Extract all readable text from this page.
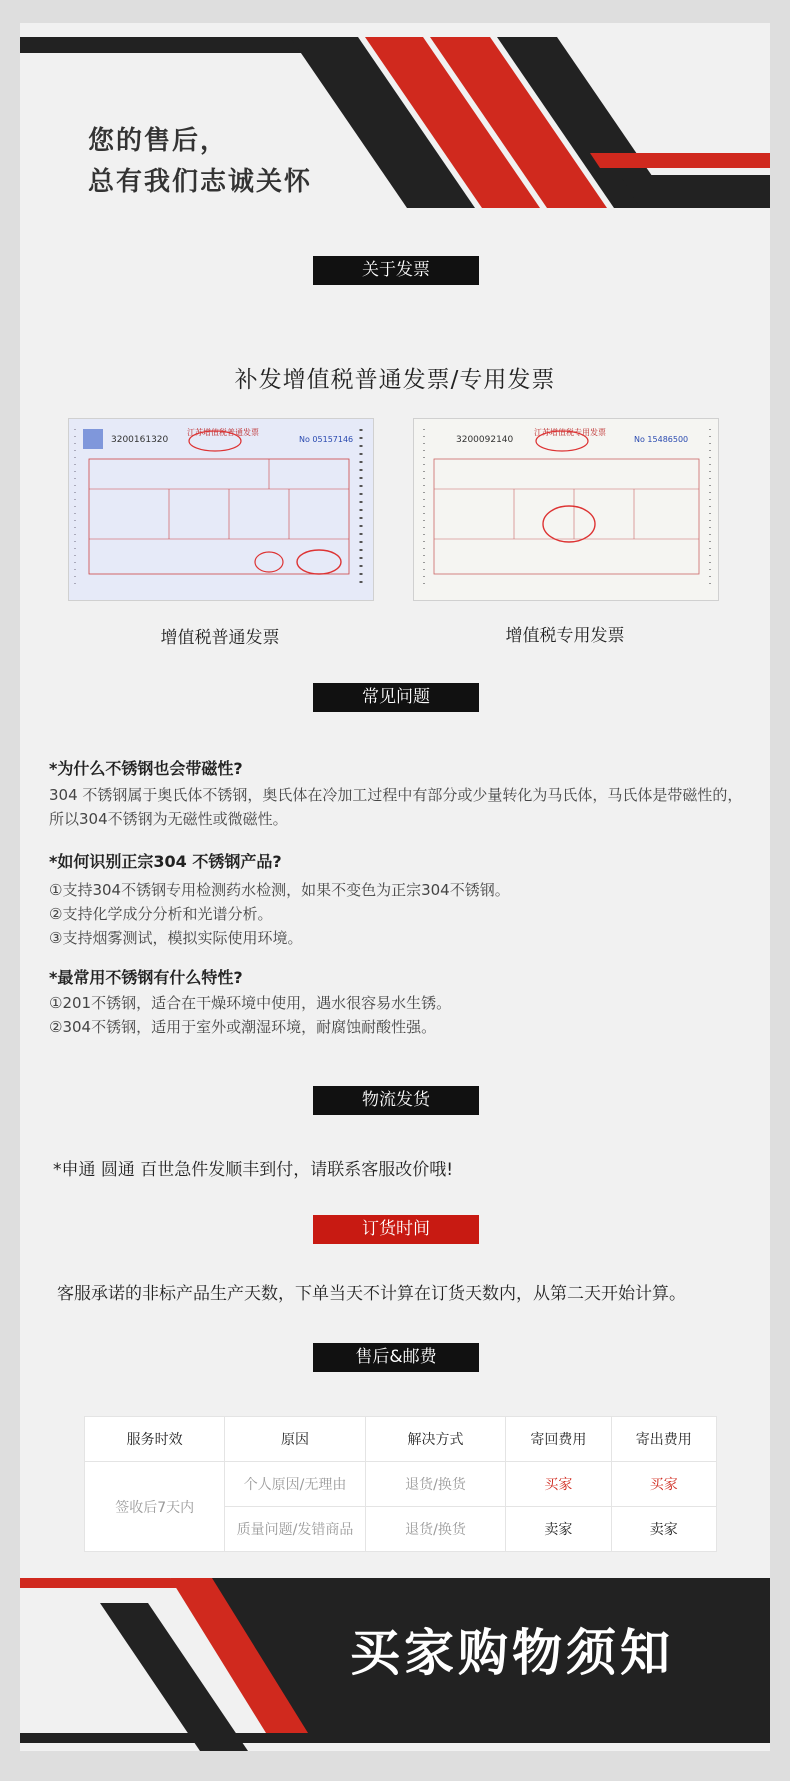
您的售后，
总有我们志诚关怀
关于发票
补发增值税普通发票/专用发票
3200161320
江苏增值税普通发票
No 05157146
增值税普通发票
3200092140
江苏增值税专用发票
No 15486500
增值税专用发票
常见问题
*为什么不锈钢也会带磁性?
304 不锈钢属于奥氏体不锈钢，奥氏体在冷加工过程中有部分或少量转化为马氏体，马氏体是带磁性的，所以304不锈钢为无磁性或微磁性。
*如何识别正宗304 不锈钢产品?
①支持304不锈钢专用检测药水检测，如果不变色为正宗304不锈钢。
②支持化学成分分析和光谱分析。
③支持烟雾测试，模拟实际使用环境。
*最常用不锈钢有什么特性?
①201不锈钢，适合在干燥环境中使用，遇水很容易水生锈。
②304不锈钢，适用于室外或潮湿环境，耐腐蚀耐酸性强。
物流发货
*申通 圆通 百世急件发顺丰到付，请联系客服改价哦!
订货时间
客服承诺的非标产品生产天数，下单当天不计算在订货天数内，从第二天开始计算。
售后&邮费
服务时效	原因	解决方式	寄回费用	寄出费用
签收后7天内	个人原因/无理由	退货/换货	买家	买家
	质量问题/发错商品	退货/换货	卖家	卖家
买家购物须知
